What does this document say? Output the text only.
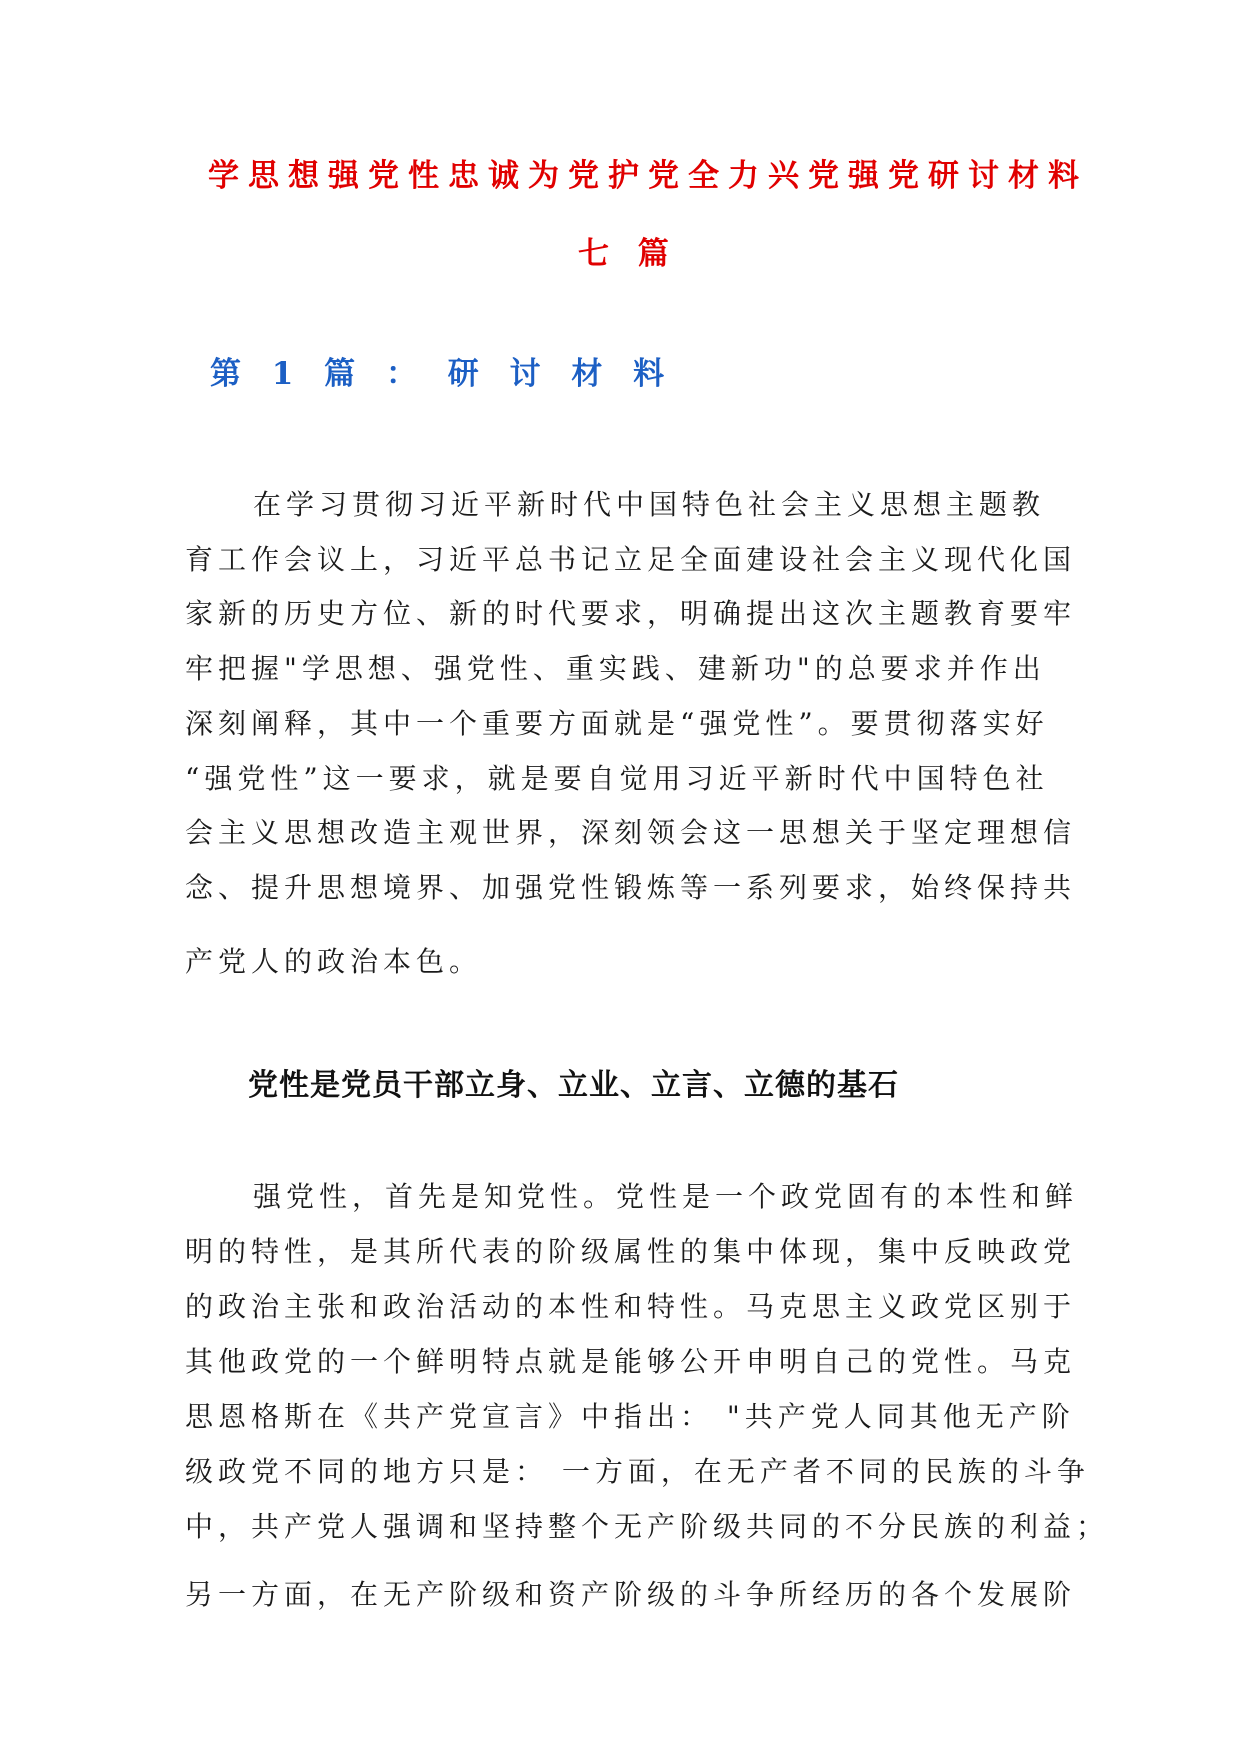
学思想强党性忠诚为党护党全力兴党强党研讨材料
七 篇
第 1 篇 ： 研 讨 材 料
在学习贯彻习近平新时代中国特色社会主义思想主题教
育工作会议上，习近平总书记立足全面建设社会主义现代化国
家新的历史方位、新的时代要求，明确提出这次主题教育要牢
牢把握"学思想、强党性、重实践、建新功"的总要求并作出
深刻阐释，其中一个重要方面就是“强党性”。要贯彻落实好
“强党性”这一要求，就是要自觉用习近平新时代中国特色社
会主义思想改造主观世界，深刻领会这一思想关于坚定理想信
念、提升思想境界、加强党性锻炼等一系列要求，始终保持共
产党人的政治本色。
党性是党员干部立身、立业、立言、立德的基石
强党性，首先是知党性。党性是一个政党固有的本性和鲜
明的特性，是其所代表的阶级属性的集中体现，集中反映政党
的政治主张和政治活动的本性和特性。马克思主义政党区别于
其他政党的一个鲜明特点就是能够公开申明自己的党性。马克
思恩格斯在《共产党宣言》中指出： "共产党人同其他无产阶
级政党不同的地方只是： 一方面，在无产者不同的民族的斗争
中，共产党人强调和坚持整个无产阶级共同的不分民族的利益；
另一方面，在无产阶级和资产阶级的斗争所经历的各个发展阶
